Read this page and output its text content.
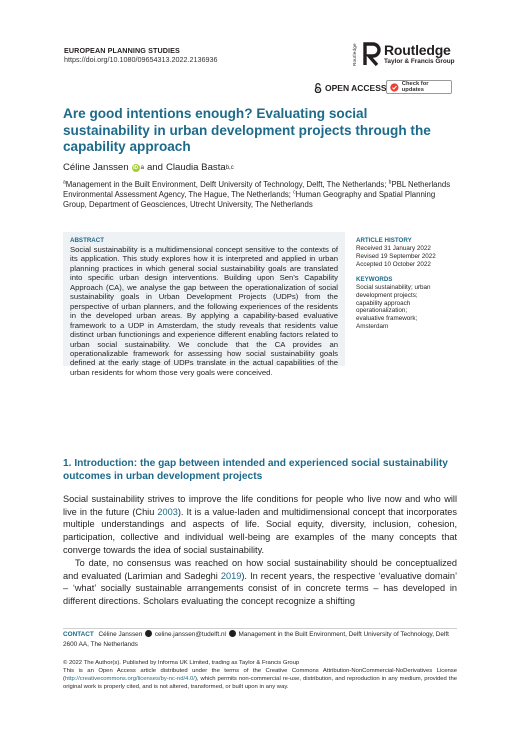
EUROPEAN PLANNING STUDIES
https://doi.org/10.1080/09654313.2022.2136936	Routledge Routledge
Taylor & Francis Group
OPEN ACCESS	Check for updates
Are good intentions enough? Evaluating social sustainability in urban development projects through the capability approach
Céline Janssen iD a and Claudia Basta b,c
$^a$Management in the Built Environment, Delft University of Technology, Delft, The Netherlands; $^b$PBL Netherlands Environmental Assessment Agency, The Hague, The Netherlands; $^c$Human Geography and Spatial Planning Group, Department of Geosciences, Utrecht University, The Netherlands
ABSTRACT
Social sustainability is a multidimensional concept sensitive to the contexts of its application. This study explores how it is interpreted and applied in urban planning practices in which general social sustainability goals are translated into specific urban design interventions. Building upon Sen's Capability Approach (CA), we analyse the gap between the operationalization of social sustainability goals in Urban Development Projects (UDPs) from the perspective of urban planners, and the following experiences of the residents in the developed urban areas. By applying a capability-based evaluative framework to a UDP in Amsterdam, the study reveals that residents value distinct urban functionings and experience different enabling factors related to urban social sustainability. We conclude that the CA provides an operationalizable framework for assessing how social sustainability goals defined at the early stage of UDPs translate in the actual capabilities of the urban residents for whom those very goals were conceived.
ARTICLE HISTORY
Received 31 January 2022
Revised 19 September 2022
Accepted 10 October 2022
KEYWORDS
Social sustainability; urban
development projects;
capability approach
operationalization;
evaluative framework;
Amsterdam
1. Introduction: the gap between intended and experienced social sustainability outcomes in urban development projects
Social sustainability strives to improve the life conditions for people who live now and who will live in the future (Chiu 2003). It is a value-laden and multidimensional concept that incorporates multiple understandings and aspects of life. Social equity, diversity, inclusion, cohesion, participation, collective and individual well-being are examples of the many concepts that converge towards the idea of social sustainability.
To date, no consensus was reached on how social sustainability should be conceptualized and evaluated (Larimian and Sadeghi 2019). In recent years, the respective ‘evaluative domain’ – ‘what’ socially sustainable arrangements consist of in concrete terms – has developed in different directions. Scholars evaluating the concept recognize a shifting
CONTACT Céline Janssen celine.janssen@tudelft.nl Management in the Built Environment, Delft University of Technology, Delft 2600 AA, The Netherlands
© 2022 The Author(s). Published by Informa UK Limited, trading as Taylor & Francis Group
This is an Open Access article distributed under the terms of the Creative Commons Attribution-NonCommercial-NoDerivatives License (http://creativecommons.org/licenses/by-nc-nd/4.0/), which permits non-commercial re-use, distribution, and reproduction in any medium, provided the original work is properly cited, and is not altered, transformed, or built upon in any way.
